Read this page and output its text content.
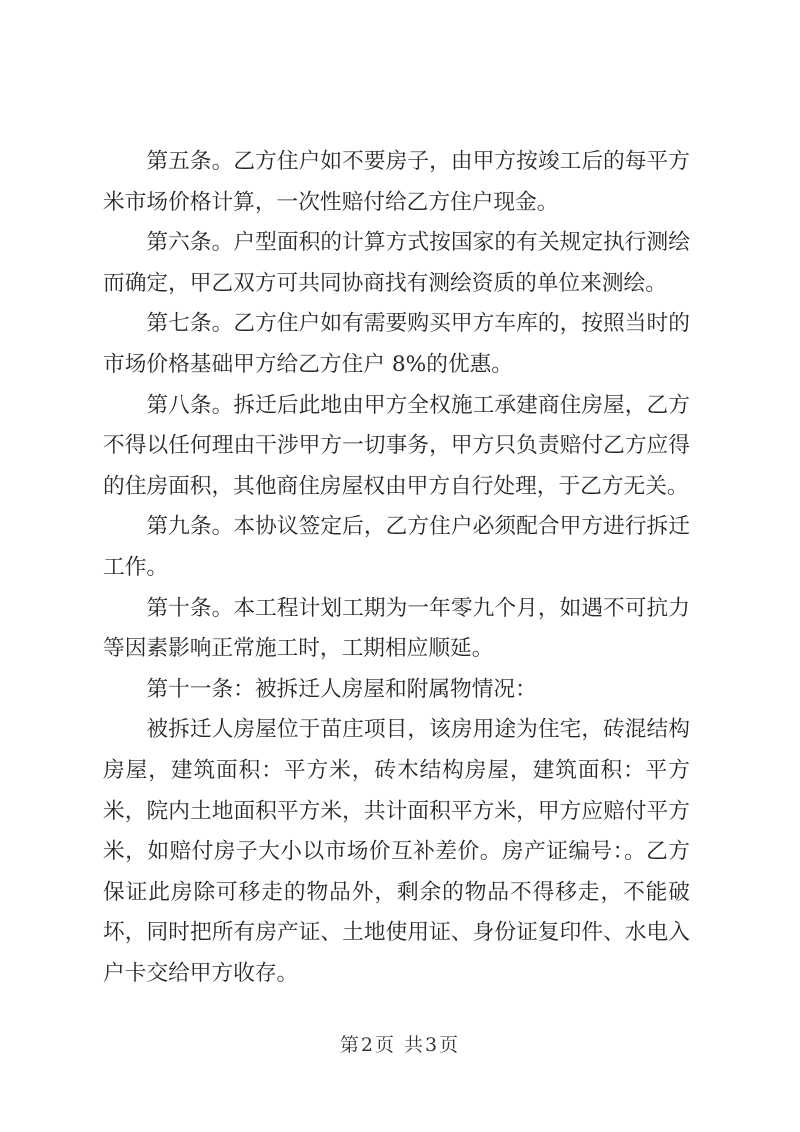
第五条。乙方住户如不要房子，由甲方按竣工后的每平方米市场价格计算，一次性赔付给乙方住户现金。

第六条。户型面积的计算方式按国家的有关规定执行测绘而确定，甲乙双方可共同协商找有测绘资质的单位来测绘。

第七条。乙方住户如有需要购买甲方车库的，按照当时的市场价格基础甲方给乙方住户 8%的优惠。

第八条。拆迁后此地由甲方全权施工承建商住房屋，乙方不得以任何理由干涉甲方一切事务，甲方只负责赔付乙方应得的住房面积，其他商住房屋权由甲方自行处理，于乙方无关。

第九条。本协议签定后，乙方住户必须配合甲方进行拆迁工作。

第十条。本工程计划工期为一年零九个月，如遇不可抗力等因素影响正常施工时，工期相应顺延。

第十一条：被拆迁人房屋和附属物情况：

被拆迁人房屋位于苗庄项目，该房用途为住宅，砖混结构房屋，建筑面积：平方米，砖木结构房屋，建筑面积：平方米，院内土地面积平方米，共计面积平方米，甲方应赔付平方米，如赔付房子大小以市场价互补差价。房产证编号：。乙方保证此房除可移走的物品外，剩余的物品不得移走，不能破坏，同时把所有房产证、土地使用证、身份证复印件、水电入户卡交给甲方收存。

第2页 共3页
